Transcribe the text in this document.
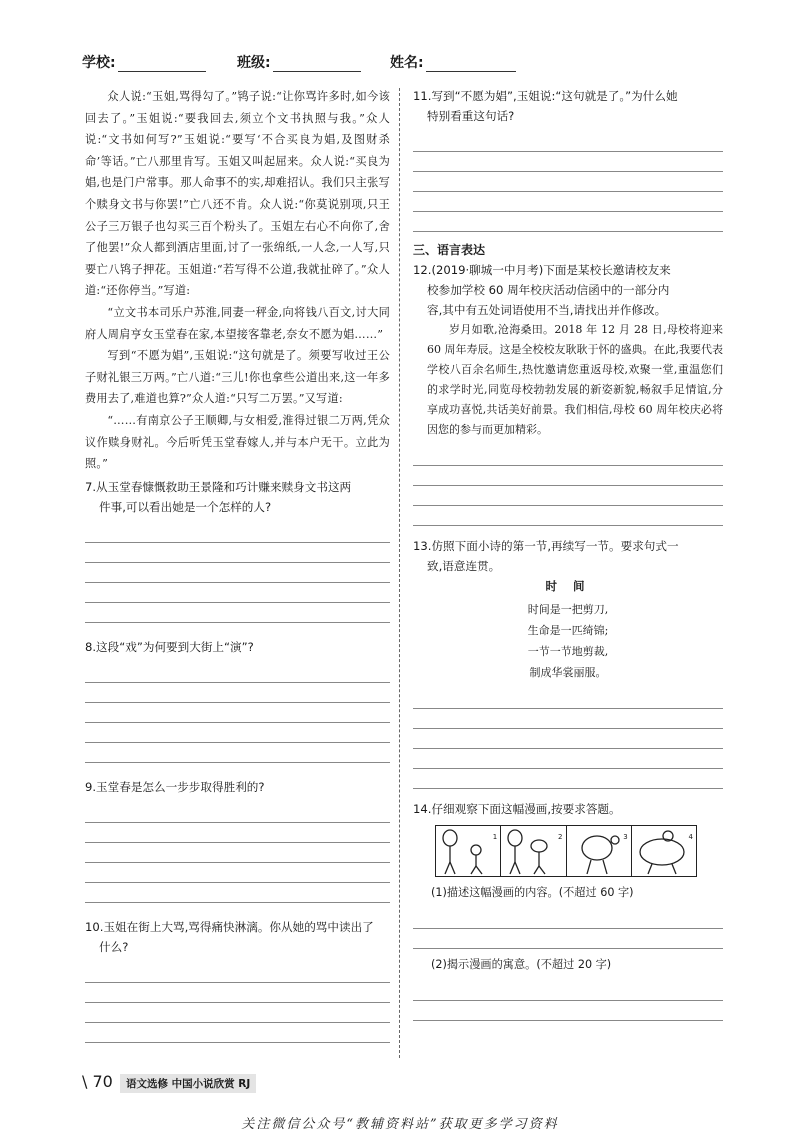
学校:	班级:	姓名:

众人说:“玉姐,骂得勾了。”鸨子说:“让你骂许多时,如今该回去了。”玉姐说:“要我回去,须立个文书执照与我。”众人说:“文书如何写?”玉姐说:“要写‘不合买良为娼,及图财杀命’等话。”亡八那里肯写。玉姐又叫起屈来。众人说:“买良为娼,也是门户常事。那人命事不的实,却难招认。我们只主张写个赎身文书与你罢!”亡八还不肯。众人说:“你莫说别项,只王公子三万银子也勾买三百个粉头了。玉姐左右心不向你了,舍了他罢!”众人都到酒店里面,讨了一张绵纸,一人念,一人写,只要亡八鸨子押花。玉姐道:“若写得不公道,我就扯碎了。”众人道:“还你停当。”写道:

“立文书本司乐户苏淮,同妻一秤金,向将钱八百文,讨大同府人周肩亨女玉堂春在家,本望接客靠老,奈女不愿为娼……”

写到“不愿为娼”,玉姐说:“这句就是了。须要写收过王公子财礼银三万两。”亡八道:“三儿!你也拿些公道出来,这一年多费用去了,难道也算?”众人道:“只写二万罢。”又写道:

“……有南京公子王顺卿,与女相爱,淮得过银二万两,凭众议作赎身财礼。今后听凭玉堂春嫁人,并与本户无干。立此为照。”

7.从玉堂春慷慨救助王景隆和巧计赚来赎身文书这两
件事,可以看出她是一个怎样的人?
8.这段“戏”为何要到大街上“演”?
9.玉堂春是怎么一步步取得胜利的?
10.玉姐在街上大骂,骂得痛快淋漓。你从她的骂中读出了
什么?
11.写到“不愿为娼”,玉姐说:“这句就是了。”为什么她
特别看重这句话?
三、语言表达
12.(2019·聊城一中月考)下面是某校长邀请校友来
校参加学校 60 周年校庆活动信函中的一部分内
容,其中有五处词语使用不当,请找出并作修改。
岁月如歌,沧海桑田。2018 年 12 月 28 日,母校将迎来 60 周年寿辰。这是全校校友耿耿于怀的盛典。在此,我要代表学校八百余名师生,热忱邀请您重返母校,欢聚一堂,重温您们的求学时光,同览母校勃勃发展的新姿新貌,畅叙手足情谊,分享成功喜悦,共话美好前景。我们相信,母校 60 周年校庆必将因您的参与而更加精彩。
13.仿照下面小诗的第一节,再续写一节。要求句式一
致,语意连贯。
时 间
时间是一把剪刀,
生命是一匹绮锦;
一节一节地剪裁,
制成华裳丽服。
14.仔细观察下面这幅漫画,按要求答题。
1	2	3	4
(1)描述这幅漫画的内容。(不超过 60 字)
(2)揭示漫画的寓意。(不超过 20 字)
\ 70	语文选修 中国小说欣赏 RJ
关注微信公众号“教辅资料站”获取更多学习资料
